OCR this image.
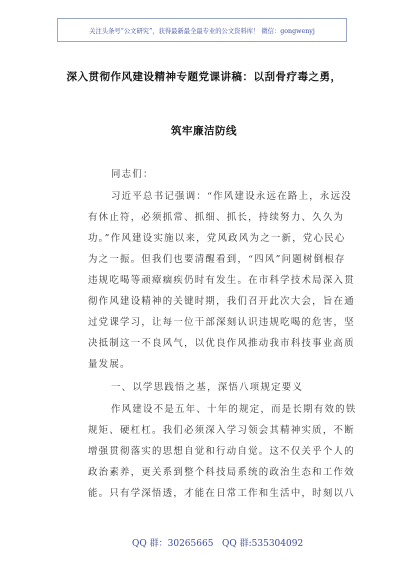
关注头条号“公文研究”，获得最新最全最专业的公文资料库！ 微信：gongwenyj
深入贯彻作风建设精神专题党课讲稿：以刮骨疗毒之勇，
筑牢廉洁防线
同志们：
习近平总书记强调：“作风建设永远在路上，永远没
有休止符，必须抓常、抓细、抓长，持续努力、久久为
功。”作风建设实施以来，党风政风为之一新，党心民心
为之一振。但我们也要清醒看到，“四风”问题树倒根存
违规吃喝等顽瘴痼疾仍时有发生。在市科学技术局深入贯
彻作风建设精神的关键时期，我们召开此次大会，旨在通
过党课学习，让每一位干部深刻认识违规吃喝的危害，坚
决抵制这一不良风气，以优良作风推动我市科技事业高质
量发展。
一、以学思践悟之基，深悟八项规定要义
作风建设不是五年、十年的规定，而是长期有效的铁
规矩、硬杠杠。我们必须深入学习领会其精神实质，不断
增强贯彻落实的思想自觉和行动自觉。这不仅关乎个人的
政治素养，更关系到整个科技局系统的政治生态和工作效
能。只有学深悟透，才能在日常工作和生活中，时刻以八
QQ 群：30265665 QQ 群:535304092
